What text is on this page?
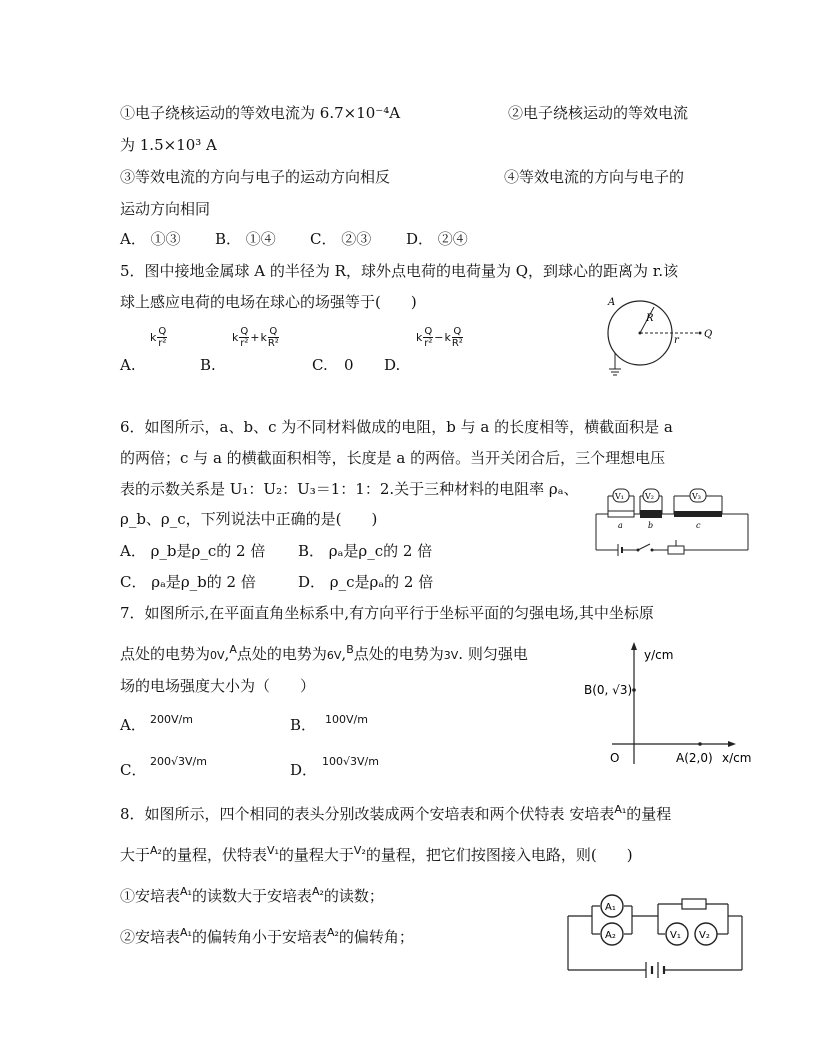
①电子绕核运动的等效电流为 6.7×10⁻⁴A	②电子绕核运动的等效电流
为 1.5×10³ A
③等效电流的方向与电子的运动方向相反	④等效电流的方向与电子的
运动方向相同
A． ①③ B． ①④ C． ②③ D． ②④
5．图中接地金属球 A 的半径为 R，球外点电荷的电荷量为 Q，到球心的距离为 r.该
球上感应电荷的电场在球心的场强等于(　　)
A.
k $\frac{Q}{\text{r²}}$
B.
k $\frac{Q}{\text{r²}} + k \frac{Q}{\text{R²}}$
C. 0 D.
k $\frac{Q}{\text{r²}} - k \frac{Q}{\text{R²}}$
A
R
r
Q
6．如图所示，a、b、c 为不同材料做成的电阻，b 与 a 的长度相等，横截面积是 a
的两倍；c 与 a 的横截面积相等，长度是 a 的两倍。当开关闭合后，三个理想电压
表的示数关系是 U₁：U₂：U₃＝1：1：2.关于三种材料的电阻率 ρₐ、
ρ_b、ρ_c，下列说法中正确的是(　　)
A． ρ_b是ρ_c的 2 倍 B． ρₐ是ρ_c的 2 倍
C． ρₐ是ρ_b的 2 倍	D． ρ_c是ρₐ的 2 倍
a	b	c
V₁	V₂	V₃
7．如图所示,在平面直角坐标系中,有方向平行于坐标平面的匀强电场,其中坐标原
点处的电势为0V,$^A$点处的电势为6V,$^B$点处的电势为3V. 则匀强电
场的电场强度大小为（　　）
A． 200V/m	B． 100V/m
C． 200√3V/m	D． 100√3V/m
y/cm
B(0, √3)
O	A(2,0) x/cm
8．如图所示，四个相同的表头分别改装成两个安培表和两个伏特表 安培表$^{A_1}$的量程
大于$^{A_2}$的量程，伏特表$^{V_1}$的量程大于$^{V_2}$的量程，把它们按图接入电路，则(　　)
①安培表$^{A_1}$的读数大于安培表$^{A_2}$的读数；
②安培表$^{A_1}$的偏转角小于安培表$^{A_2}$的偏转角；
A₁
A₂	V₁ V₂
